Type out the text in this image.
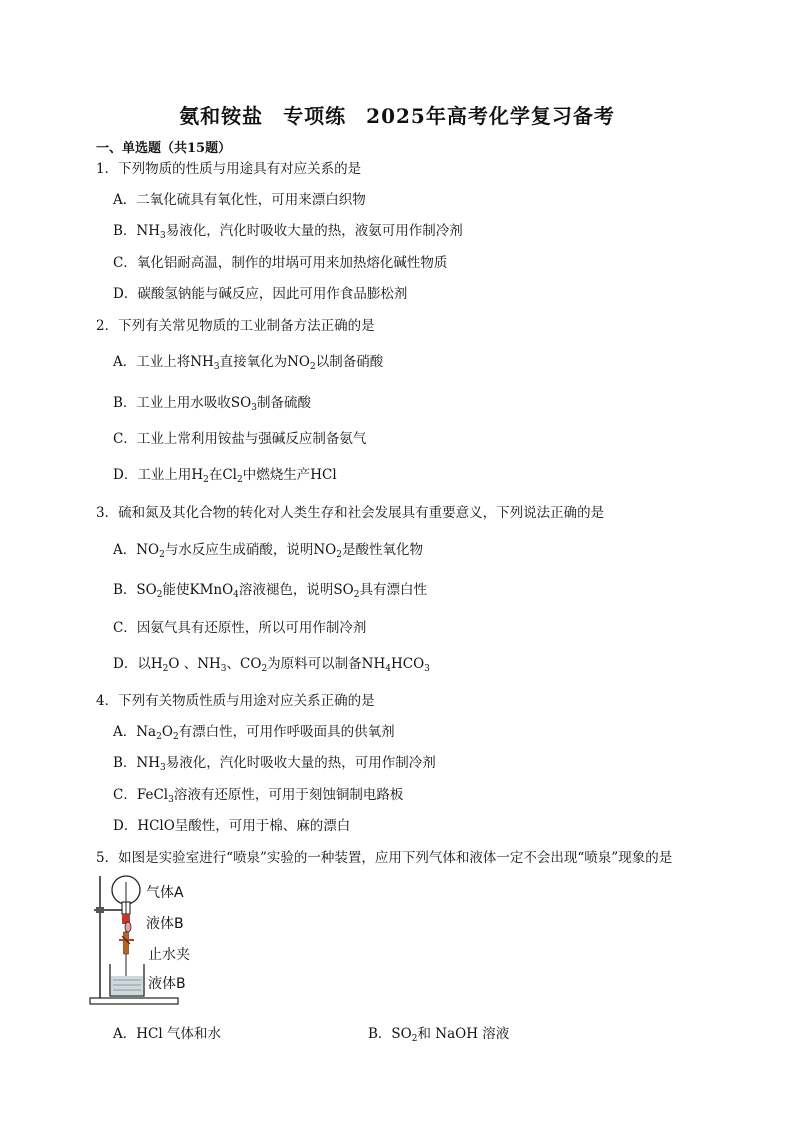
氨和铵盐 专项练 2025年高考化学复习备考
一、单选题（共15题）
1．下列物质的性质与用途具有对应关系的是
A．二氧化硫具有氧化性，可用来漂白织物
B．$NH_3$易液化，汽化时吸收大量的热，液氨可用作制冷剂
C．氧化铝耐高温，制作的坩埚可用来加热熔化碱性物质
D．碳酸氢钠能与碱反应，因此可用作食品膨松剂
2．下列有关常见物质的工业制备方法正确的是
A．工业上将$NH_3$直接氧化为$NO_2$以制备硝酸
B．工业上用水吸收$SO_3$制备硫酸
C．工业上常利用铵盐与强碱反应制备氨气
D．工业上用$H_2$在$Cl_2$中燃烧生产HCl
3．硫和氮及其化合物的转化对人类生存和社会发展具有重要意义，下列说法正确的是
A．$NO_2$与水反应生成硝酸，说明$NO_2$是酸性氧化物
B．$SO_2$能使KMnO$_4$溶液褪色，说明$SO_2$具有漂白性
C．因氨气具有还原性，所以可用作制冷剂
D．以$H_2O$ 、$NH_3$、$CO_2$为原料可以制备$NH_4HCO_3$
4．下列有关物质性质与用途对应关系正确的是
A．$Na_2O_2$有漂白性，可用作呼吸面具的供氧剂
B．$NH_3$易液化，汽化时吸收大量的热，可用作制冷剂
C．FeCl$_3$溶液有还原性，可用于刻蚀铜制电路板
D．HClO呈酸性，可用于棉、麻的漂白
5．如图是实验室进行“喷泉”实验的一种装置，应用下列气体和液体一定不会出现“喷泉”现象的是
气体A
液体B
止水夹
液体B
A．HCl 气体和水	B．$SO_2$和 NaOH 溶液
